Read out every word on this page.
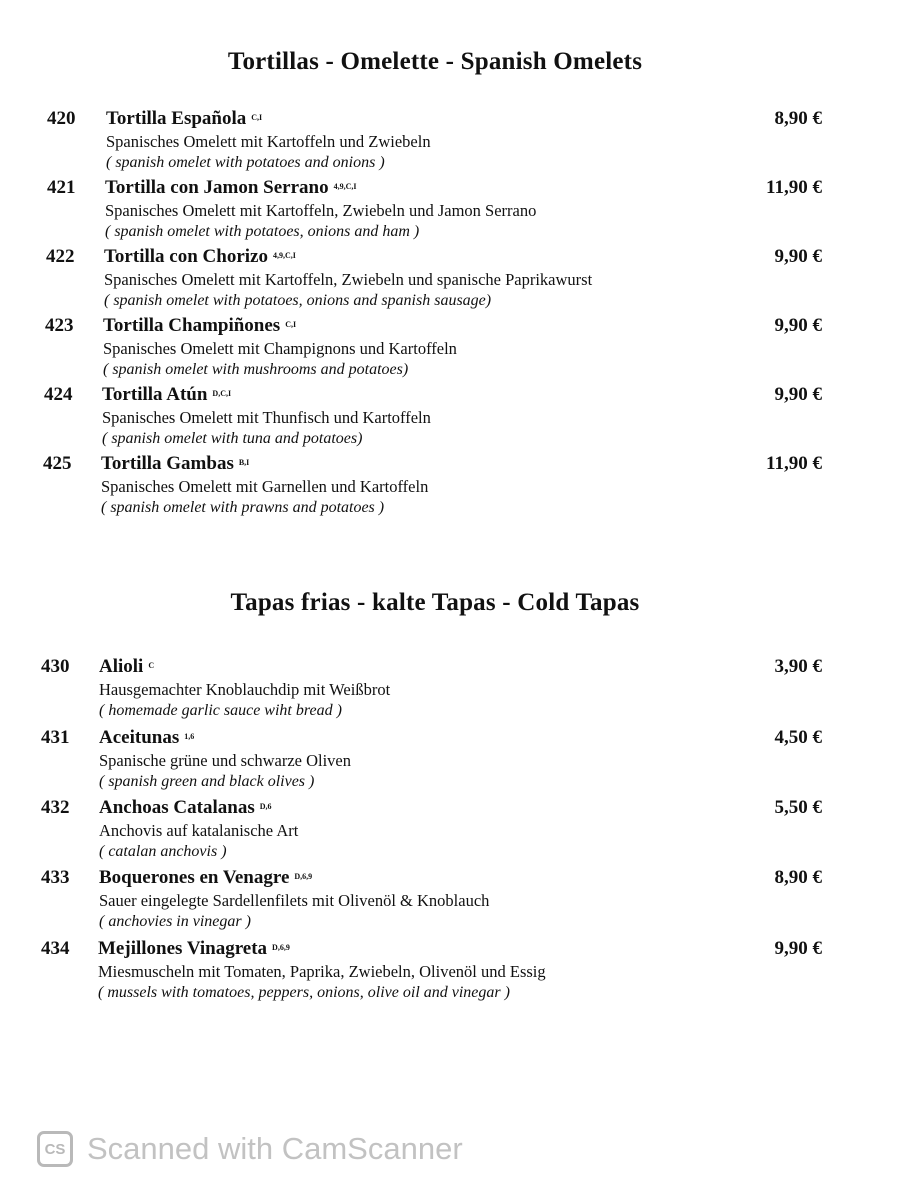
Tortillas - Omelette - Spanish Omelets
420 Tortilla Española $^{C,I}$	8,90 €
Spanisches Omelett mit Kartoffeln und Zwiebeln
( spanish omelet with potatoes and onions )
421 Tortilla con Jamon Serrano $^{4,9,C,I}$	11,90 €
Spanisches Omelett mit Kartoffeln, Zwiebeln und Jamon Serrano
( spanish omelet with potatoes, onions and ham )
422 Tortilla con Chorizo $^{4,9,C,I}$	9,90 €
Spanisches Omelett mit Kartoffeln, Zwiebeln und spanische Paprikawurst
( spanish omelet with potatoes, onions and spanish sausage)
423 Tortilla Champiñones $^{C,I}$	9,90 €
Spanisches Omelett mit Champignons und Kartoffeln
( spanish omelet with mushrooms and potatoes)
424 Tortilla Atún $^{D,C,I}$	9,90 €
Spanisches Omelett mit Thunfisch und Kartoffeln
( spanish omelet with tuna and potatoes)
425 Tortilla Gambas $^{B,I}$	11,90 €
Spanisches Omelett mit Garnellen und Kartoffeln
( spanish omelet with prawns and potatoes )
Tapas frias - kalte Tapas - Cold Tapas
430 Alioli $^C$	3,90 €
Hausgemachter Knoblauchdip mit Weißbrot
( homemade garlic sauce wiht bread )
431 Aceitunas $^{1,6}$	4,50 €
Spanische grüne und schwarze Oliven
( spanish green and black olives )
432 Anchoas Catalanas $^{D,6}$	5,50 €
Anchovis auf katalanische Art
( catalan anchovis )
433 Boquerones en Venagre $^{D,6,9}$	8,90 €
Sauer eingelegte Sardellenfilets mit Olivenöl & Knoblauch
( anchovies in vinegar )
434 Mejillones Vinagreta $^{D,6,9}$	9,90 €
Miesmuscheln mit Tomaten, Paprika, Zwiebeln, Olivenöl und Essig
( mussels with tomatoes, peppers, onions, olive oil and vinegar )
CS Scanned with CamScanner
